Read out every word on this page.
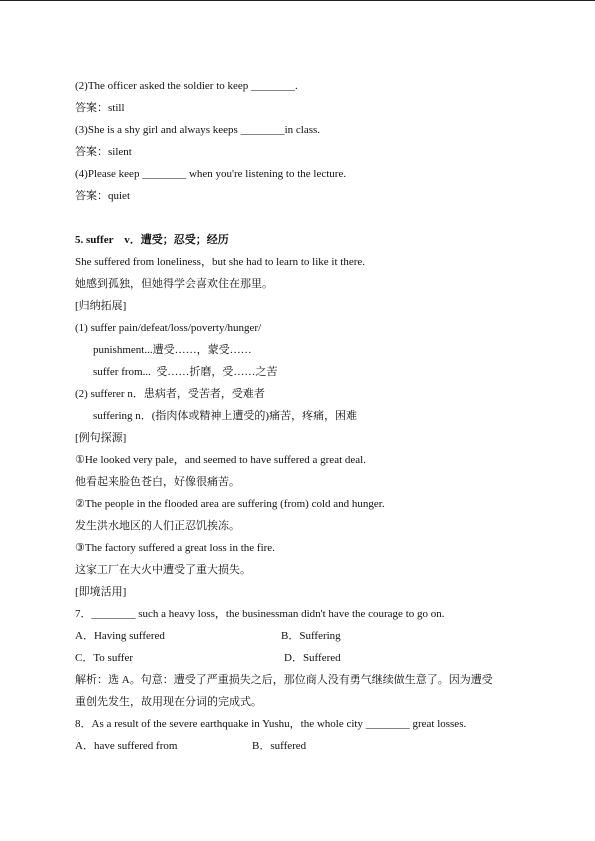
(2)The officer asked the soldier to keep ________.
答案：still
(3)She is a shy girl and always keeps ________in class.
答案：silent
(4)Please keep ________ when you're listening to the lecture.
答案：quiet
5. suffer　v．遭受；忍受；经历
She suffered from loneliness，but she had to learn to like it there.
她感到孤独，但她得学会喜欢住在那里。
[归纳拓展]
(1) suffer pain/defeat/loss/poverty/hunger/
punishment...遭受……，蒙受……
suffer from...  受……折磨，受……之苦
(2) sufferer n．患病者，受苦者，受难者
suffering n．(指肉体或精神上遭受的)痛苦，疼痛，困难
[例句探源]
①He looked very pale，and seemed to have suffered a great deal.
他看起来脸色苍白，好像很痛苦。
②The people in the flooded area are suffering (from) cold and hunger.
发生洪水地区的人们正忍饥挨冻。
③The factory suffered a great loss in the fire.
这家工厂在大火中遭受了重大损失。
[即境活用]
7．________ such a heavy loss，the businessman didn't have the courage to go on.
A．Having suffered	B．Suffering
C．To suffer	D．Suffered
解析：选 A。句意：遭受了严重损失之后，那位商人没有勇气继续做生意了。因为遭受
重创先发生，故用现在分词的完成式。
8．As a result of the severe earthquake in Yushu，the whole city ________ great losses.
A．have suffered from	B．suffered
